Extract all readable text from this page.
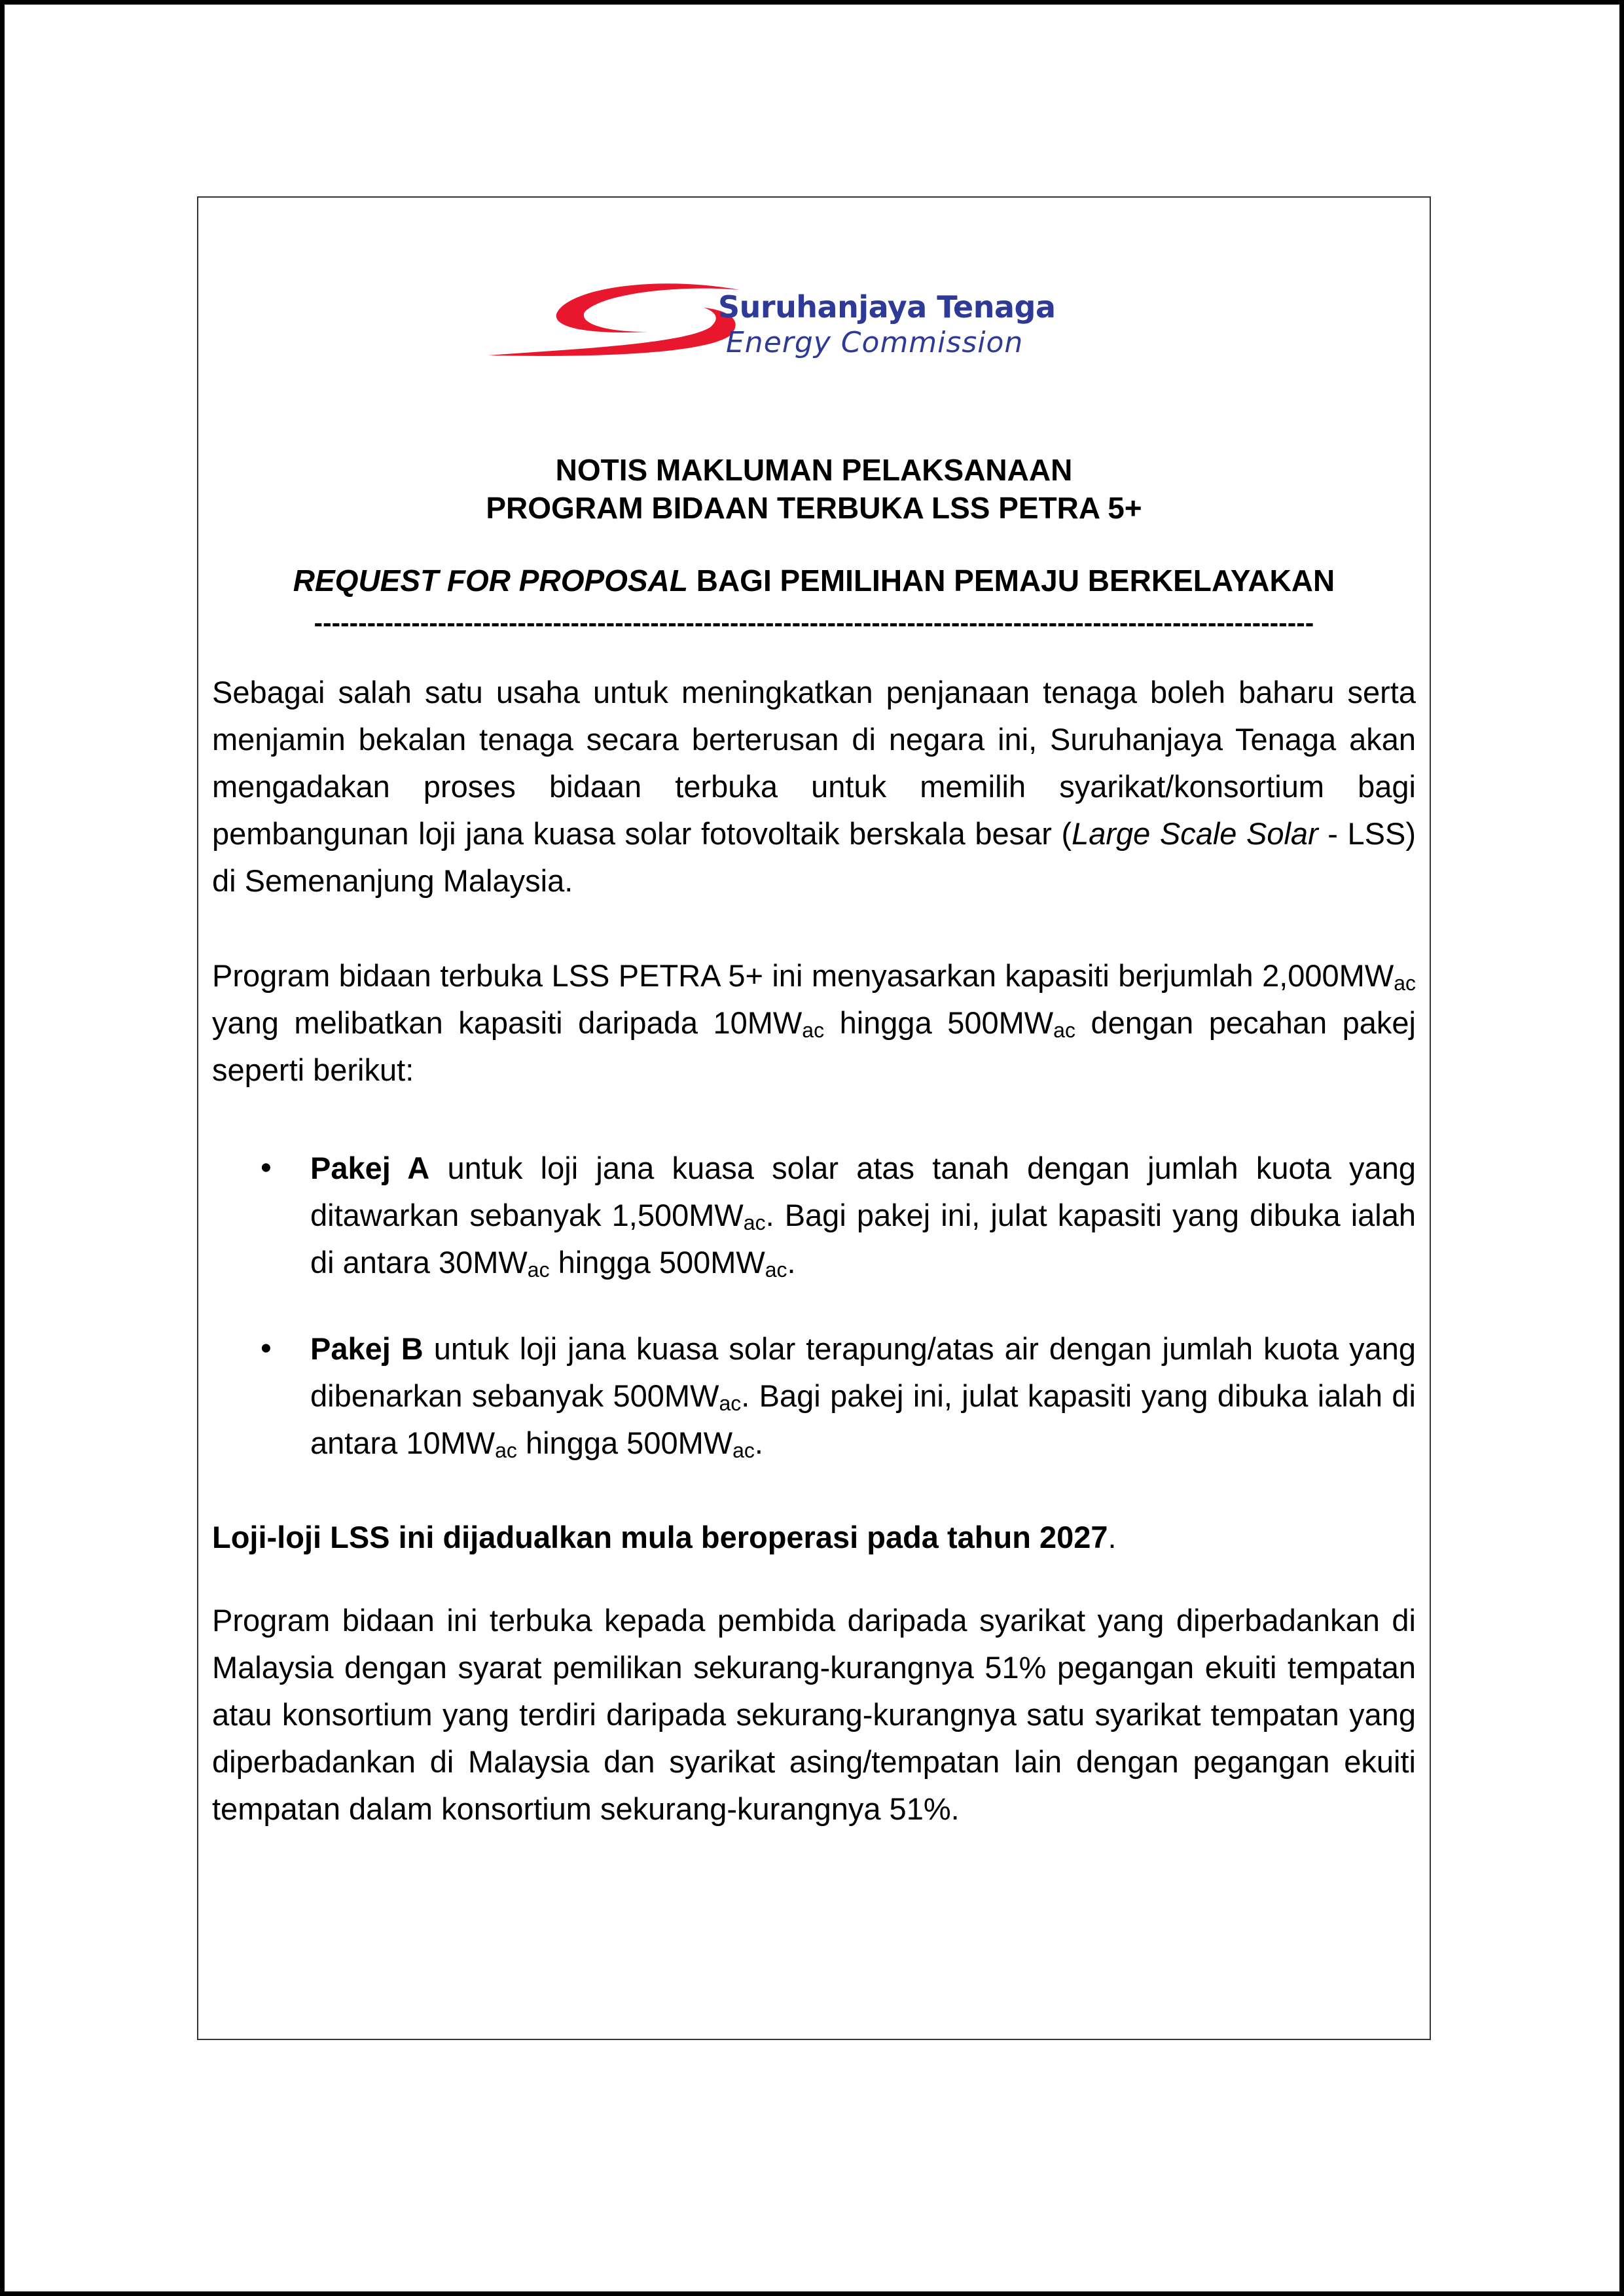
Suruhanjaya Tenaga
Energy Commission
NOTIS MAKLUMAN PELAKSANAAN
PROGRAM BIDAAN TERBUKA LSS PETRA 5+
REQUEST FOR PROPOSAL BAGI PEMILIHAN PEMAJU BERKELAYAKAN
-----------------------------------------------------------------------------------------------------------------

Sebagai salah satu usaha untuk meningkatkan penjanaan tenaga boleh baharu serta menjamin bekalan tenaga secara berterusan di negara ini, Suruhanjaya Tenaga akan mengadakan proses bidaan terbuka untuk memilih syarikat/konsortium bagi pembangunan loji jana kuasa solar fotovoltaik berskala besar (Large Scale Solar - LSS) di Semenanjung Malaysia.

Program bidaan terbuka LSS PETRA 5+ ini menyasarkan kapasiti berjumlah 2,000MWac yang melibatkan kapasiti daripada 10MWac hingga 500MWac dengan pecahan pakej seperti berikut:

• Pakej A untuk loji jana kuasa solar atas tanah dengan jumlah kuota yang ditawarkan sebanyak 1,500MWac. Bagi pakej ini, julat kapasiti yang dibuka ialah di antara 30MWac hingga 500MWac.

• Pakej B untuk loji jana kuasa solar terapung/atas air dengan jumlah kuota yang dibenarkan sebanyak 500MWac. Bagi pakej ini, julat kapasiti yang dibuka ialah di antara 10MWac hingga 500MWac.

Loji-loji LSS ini dijadualkan mula beroperasi pada tahun 2027.

Program bidaan ini terbuka kepada pembida daripada syarikat yang diperbadankan di Malaysia dengan syarat pemilikan sekurang-kurangnya 51% pegangan ekuiti tempatan atau konsortium yang terdiri daripada sekurang-kurangnya satu syarikat tempatan yang diperbadankan di Malaysia dan syarikat asing/tempatan lain dengan pegangan ekuiti tempatan dalam konsortium sekurang-kurangnya 51%.
